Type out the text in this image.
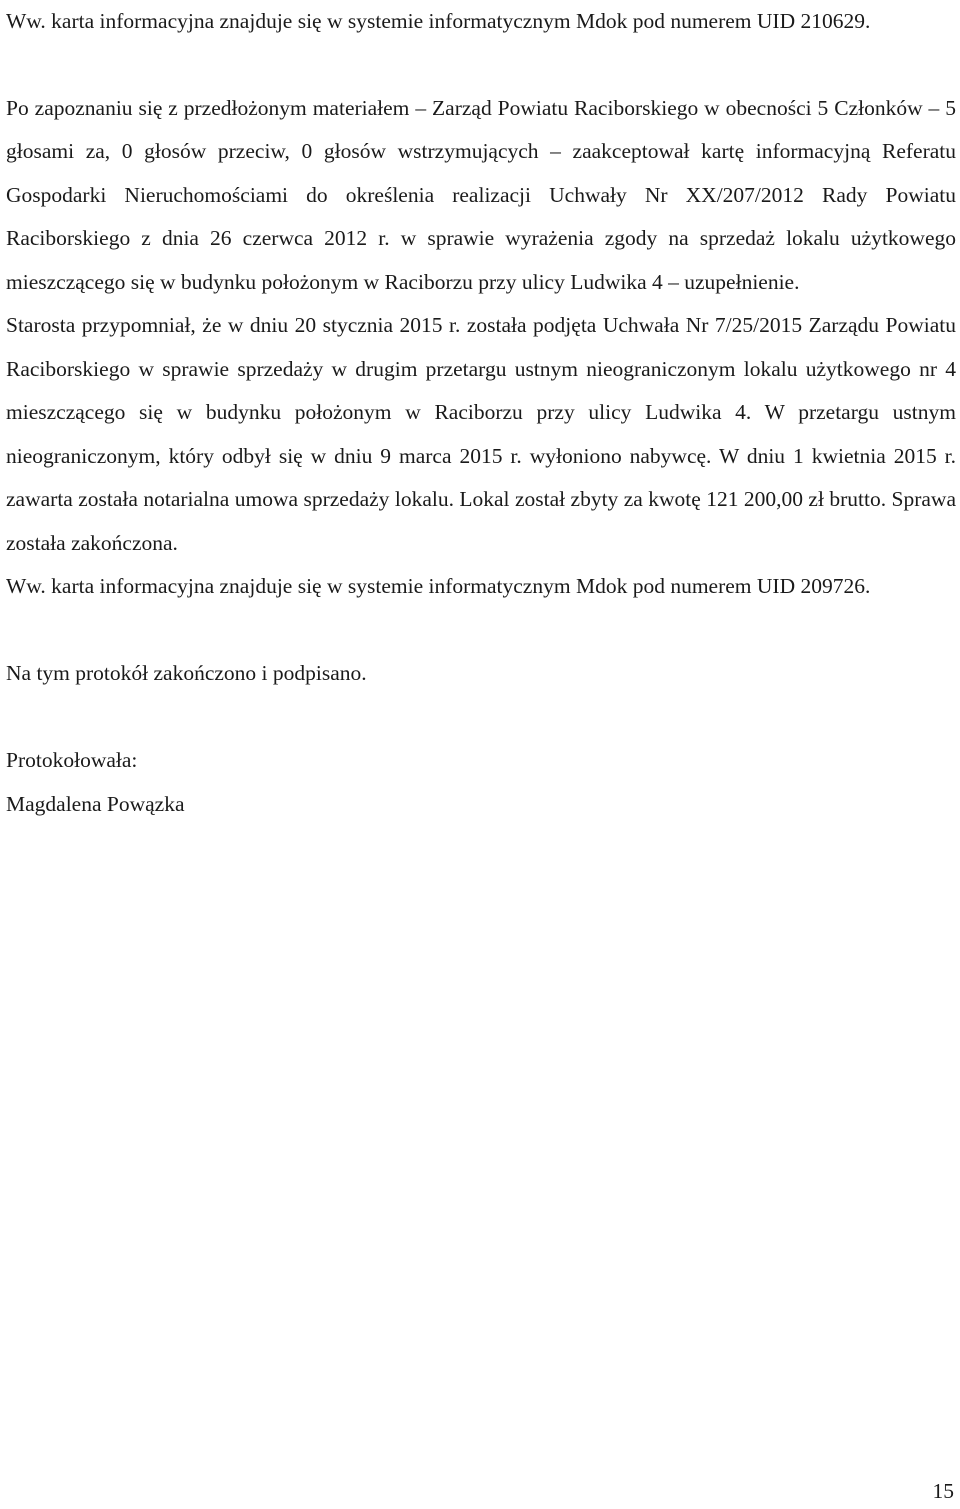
Ww. karta informacyjna znajduje się w systemie informatycznym Mdok pod numerem UID 210629.

Po zapoznaniu się z przedłożonym materiałem – Zarząd Powiatu Raciborskiego w obecności 5 Członków – 5 głosami za, 0 głosów przeciw, 0 głosów wstrzymujących – zaakceptował kartę informacyjną Referatu Gospodarki Nieruchomościami do określenia realizacji Uchwały Nr XX/207/2012 Rady Powiatu Raciborskiego z dnia 26 czerwca 2012 r. w sprawie wyrażenia zgody na sprzedaż lokalu użytkowego mieszczącego się w budynku położonym w Raciborzu przy ulicy Ludwika 4 – uzupełnienie.

Starosta przypomniał, że w dniu 20 stycznia 2015 r. została podjęta Uchwała Nr 7/25/2015 Zarządu Powiatu Raciborskiego w sprawie sprzedaży w drugim przetargu ustnym nieograniczonym lokalu użytkowego nr 4 mieszczącego się w budynku położonym w Raciborzu przy ulicy Ludwika 4. W przetargu ustnym nieograniczonym, który odbył się w dniu 9 marca 2015 r. wyłoniono nabywcę. W dniu 1 kwietnia 2015 r. zawarta została notarialna umowa sprzedaży lokalu. Lokal został zbyty za kwotę 121 200,00 zł brutto. Sprawa została zakończona.

Ww. karta informacyjna znajduje się w systemie informatycznym Mdok pod numerem UID 209726.

Na tym protokół zakończono i podpisano.

Protokołowała:

Magdalena Powązka

15
